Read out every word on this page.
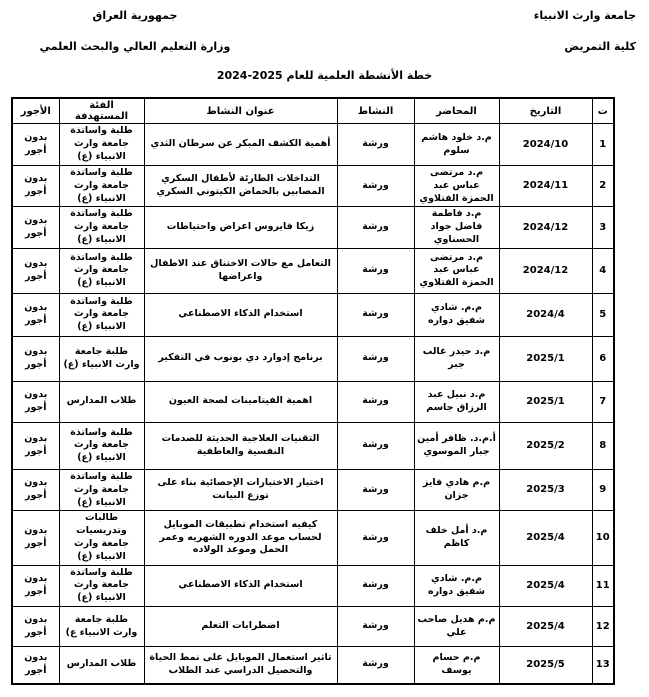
جامعة وارث الانبياء
كلية التمريض
جمهورية العراق
وزارة التعليم العالي والبحث العلمي
خطة الأنشطة العلمية للعام 2025-2024
ت	التاريخ	المحاضر	النشاط	عنوان النشاط	الفئة المستهدفة	الأجور
1	2024/10	م.د خلود هاشم سلوم	ورشة	أهمية الكشف المبكر عن سرطان الثدي	طلبة واساتذة جامعة وارث الانبياء (ع)	بدون أجور
2	2024/11	م.د مرتضى عباس عبد الحمزة الفتلاوي	ورشة	التداخلات الطارئة لأطفال السكري المصابين بالحماض الكيتوني السكري	طلبة واساتذة جامعة وارث الانبياء (ع)	بدون أجور
3	2024/12	م.د فاطمة فاضل جواد الحسناوي	ورشة	زيكا فايروس اعراض واحتياطات	طلبة واساتذة جامعة وارث الانبياء (ع)	بدون أجور
4	2024/12	م.د مرتضى عباس عبد الحمزة الفتلاوي	ورشة	التعامل مع حالات الاختناق عند الاطفال واعراضها	طلبة واساتذة جامعة وارث الانبياء (ع)	بدون أجور
5	2024/4	م.م. شادي شفيق دواره	ورشة	استخدام الذكاء الاصطناعي	طلبة واساتذة جامعة وارث الانبياء (ع)	بدون أجور
6	2025/1	م.د حيدر غالب جبر	ورشة	برنامج إدوارد دي بونوب في التفكير	طلبة جامعة وارث الانبياء (ع)	بدون أجور
7	2025/1	م.د نبيل عبد الرزاق جاسم	ورشة	اهمية الفيتامينات لصحة العيون	طلاب المدارس	بدون أجور
8	2025/2	أ.م.د. ظافر أمين جبار الموسوي	ورشة	التقنيات العلاجية الحديثة للصدمات النفسية والعاطفية	طلبة واساتذة جامعة وارث الانبياء (ع)	بدون أجور
9	2025/3	م.م هادي فايز جزان	ورشة	اختيار الاختبارات الإحصائية بناء على توزع البيانت	طلبة واساتذة جامعة وارث الانبياء (ع)	بدون أجور
10	2025/4	م.د أمل خلف كاظم	ورشة	كيفيه استخدام تطبيقات الموبايل لحساب موعد الدوره الشهريه وعمر الحمل وموعد الولاده	طالبات وتدريسيات جامعة وارث الانبياء (ع)	بدون أجور
11	2025/4	م.م. شادي شفيق دواره	ورشة	استخدام الذكاء الاصطناعي	طلبة واساتذة جامعة وارث الانبياء (ع)	بدون أجور
12	2025/4	م.م هديل صاحب علي	ورشة	اضطرابات التعلم	طلبة جامعة وارث الانبياء ع)	بدون أجور
13	2025/5	م.م حسام يوسف	ورشة	تاثير استعمال الموبايل على نمط الحياة والتحصيل الدراسي عند الطلاب	طلاب المدارس	بدون أجور
